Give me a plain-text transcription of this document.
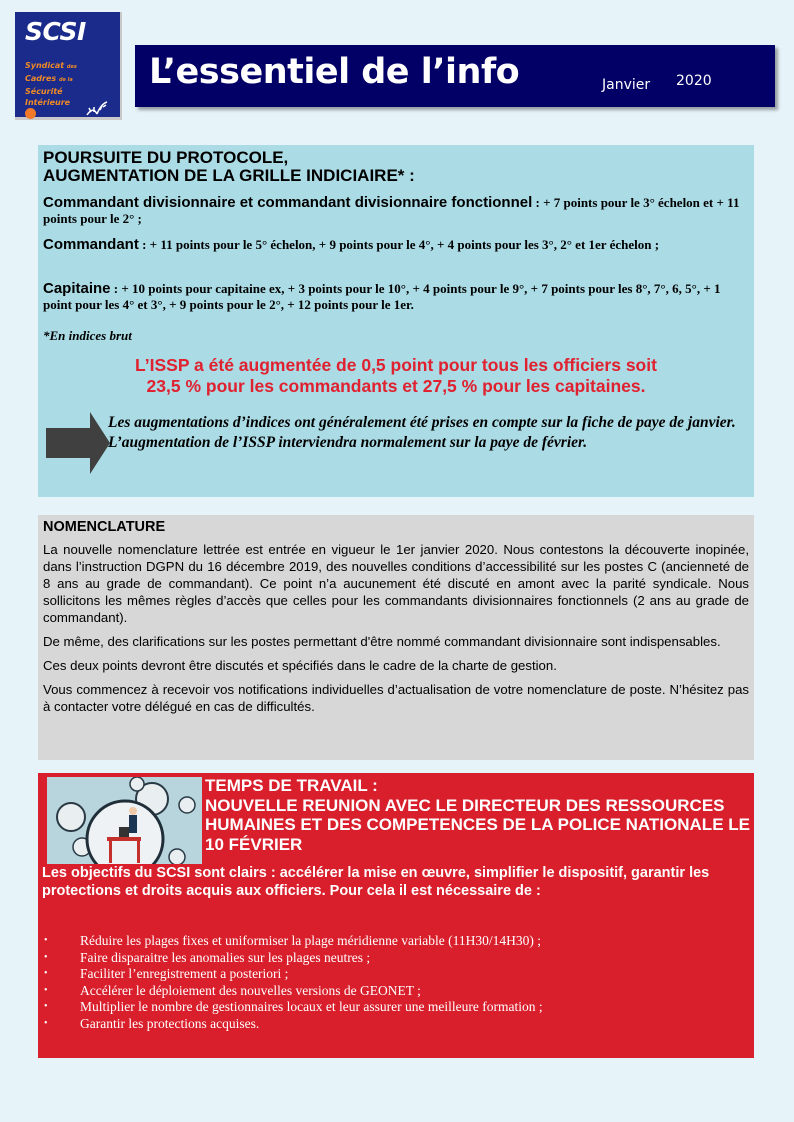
SCSI
Syndicat des
Cadres de la
Sécurité
Intérieure
L’essentiel de l’info	Janvier 2020
POURSUITE DU PROTOCOLE,
AUGMENTATION DE LA GRILLE INDICIAIRE* :
Commandant divisionnaire et commandant divisionnaire fonctionnel : + 7 points pour le 3° échelon et + 11 points pour le 2° ;
Commandant : + 11 points pour le 5° échelon, + 9 points pour le 4°, + 4 points pour les 3°, 2° et 1er échelon ;
Capitaine : + 10 points pour capitaine ex, + 3 points pour le 10°, + 4 points pour le 9°, + 7 points pour les 8°, 7°, 6, 5°, + 1 point pour les 4° et 3°, + 9 points pour le 2°, + 12 points pour le 1er.
*En indices brut
L’ISSP a été augmentée de 0,5 point pour tous les officiers soit
23,5 % pour les commandants et 27,5 % pour les capitaines.
Les augmentations d’indices ont généralement été prises en compte sur la fiche de paye de janvier. L’augmentation de l’ISSP interviendra normalement sur la paye de février.
NOMENCLATURE

La nouvelle nomenclature lettrée est entrée en vigueur le 1er janvier 2020. Nous contestons la découverte inopinée, dans l’instruction DGPN du 16 décembre 2019, des nouvelles conditions d’accessibilité sur les postes C (ancienneté de 8 ans au grade de commandant). Ce point n’a aucunement été discuté en amont avec la parité syndicale. Nous sollicitons les mêmes règles d’accès que celles pour les commandants divisionnaires fonctionnels (2 ans au grade de commandant).

De même, des clarifications sur les postes permettant d'être nommé commandant divisionnaire sont indispensables.

Ces deux points devront être discutés et spécifiés dans le cadre de la charte de gestion.

Vous commencez à recevoir vos notifications individuelles d’actualisation de votre nomenclature de poste. N’hésitez pas à contacter votre délégué en cas de difficultés.

TEMPS DE TRAVAIL :
NOUVELLE REUNION AVEC LE DIRECTEUR DES RESSOURCES HUMAINES ET DES COMPETENCES DE LA POLICE NATIONALE LE 10 FÉVRIER
Les objectifs du SCSI sont clairs : accélérer la mise en œuvre, simplifier le dispositif, garantir les protections et droits acquis aux officiers. Pour cela il est nécessaire de :
• Réduire les plages fixes et uniformiser la plage méridienne variable (11H30/14H30) ;
• Faire disparaitre les anomalies sur les plages neutres ;
• Faciliter l’enregistrement a posteriori ;
• Accélérer le déploiement des nouvelles versions de GEONET ;
• Multiplier le nombre de gestionnaires locaux et leur assurer une meilleure formation ;
• Garantir les protections acquises.
